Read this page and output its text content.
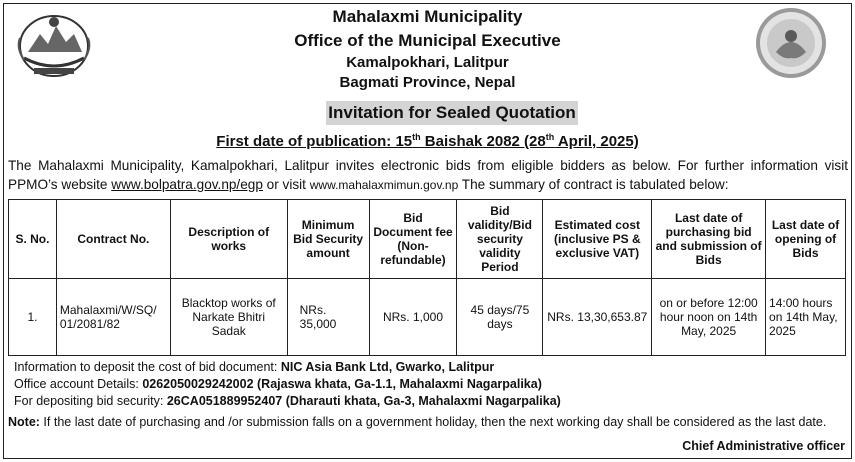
Mahalaxmi Municipality
Office of the Municipal Executive
Kamalpokhari, Lalitpur
Bagmati Province, Nepal
Invitation for Sealed Quotation
First date of publication: 15th Baishak 2082 (28th April, 2025)
The Mahalaxmi Municipality, Kamalpokhari, Lalitpur invites electronic bids from eligible bidders as below. For further information visit PPMO’s website www.bolpatra.gov.np/egp or visit www.mahalaxmimun.gov.np The summary of contract is tabulated below:
S. No.	Contract No.	Description of works	Minimum Bid Security amount	Bid Document fee (Non-refundable)	Bid validity/Bid security validity Period	Estimated cost (inclusive PS & exclusive VAT)	Last date of purchasing bid and submission of Bids	Last date of opening of Bids
1.	Mahalaxmi/W/SQ/ 01/2081/82	Blacktop works of Narkate Bhitri Sadak	NRs. 35,000	NRs. 1,000	45 days/75 days	NRs. 13,30,653.87	on or before 12:00 hour noon on 14th May, 2025	14:00 hours on 14th May, 2025
Information to deposit the cost of bid document: NIC Asia Bank Ltd, Gwarko, Lalitpur
Office account Details: 0262050029242002 (Rajaswa khata, Ga-1.1, Mahalaxmi Nagarpalika)
For depositing bid security: 26CA051889952407 (Dharauti khata, Ga-3, Mahalaxmi Nagarpalika)
Note: If the last date of purchasing and /or submission falls on a government holiday, then the next working day shall be considered as the last date.
Chief Administrative officer
